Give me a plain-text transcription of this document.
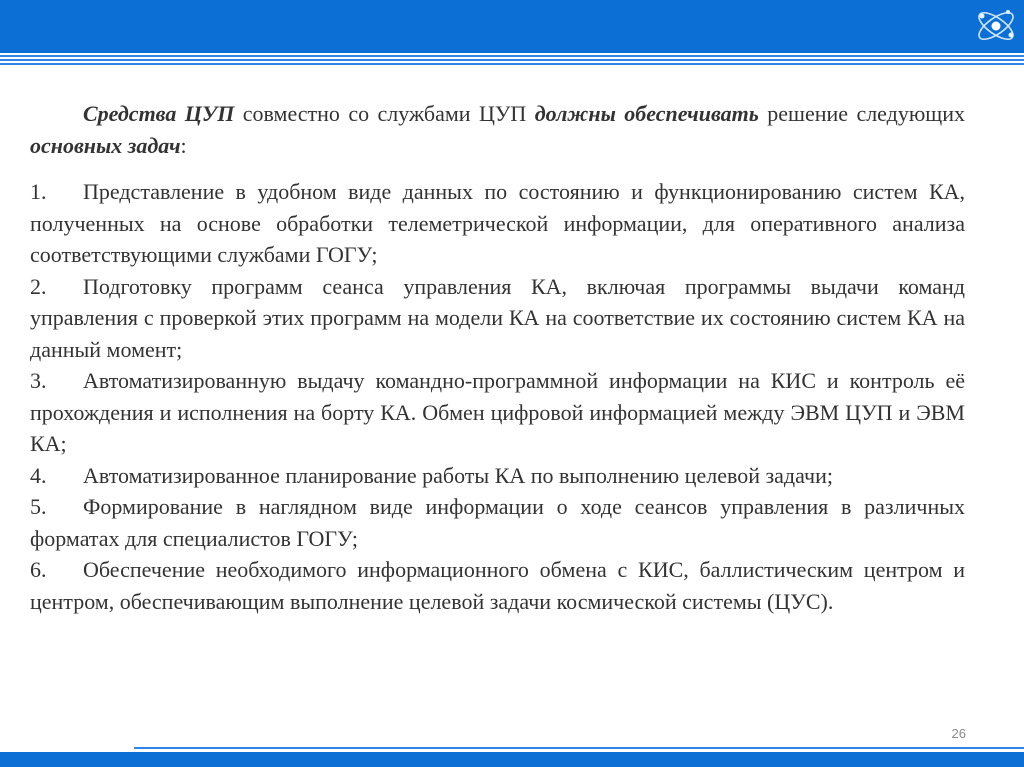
Средства ЦУП совместно со службами ЦУП должны обеспечивать решение следующих основных задач:

1. Представление в удобном виде данных по состоянию и функционированию систем КА, полученных на основе обработки телеметрической информации, для оперативного анализа соответствующими службами ГОГУ;

2. Подготовку программ сеанса управления КА, включая программы выдачи команд управления с проверкой этих программ на модели КА на соответствие их состоянию систем КА на данный момент;

3. Автоматизированную выдачу командно-программной информации на КИС и контроль её прохождения и исполнения на борту КА. Обмен цифровой информацией между ЭВМ ЦУП и ЭВМ КА;

4. Автоматизированное планирование работы КА по выполнению целевой задачи;

5. Формирование в наглядном виде информации о ходе сеансов управления в различных форматах для специалистов ГОГУ;

6. Обеспечение необходимого информационного обмена с КИС, баллистическим центром и центром, обеспечивающим выполнение целевой задачи космической системы (ЦУС).

26
